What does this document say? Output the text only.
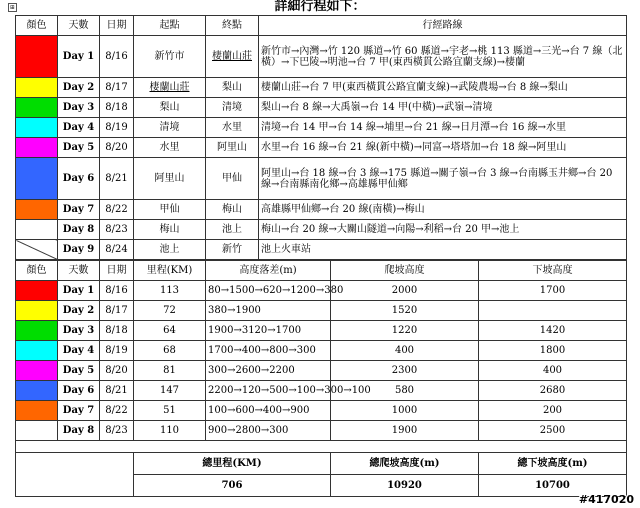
⊞	詳細行程如下：
顏色	天數	日期	起點	終點	行經路線

	Day 1	8/16	新竹市	棲蘭山莊	新竹市→內灣→竹 120 縣道→竹 60 縣道→宇老→桃 113 縣道→三光→台 7 線（北橫）→下巴陵→明池→台 7 甲(東西橫貫公路宜蘭支線)→棲蘭

	Day 2	8/17	棲蘭山莊	梨山	棲蘭山莊→台 7 甲(東西橫貫公路宜蘭支線)→武陵農場→台 8 線→梨山

	Day 3	8/18	梨山	清境	梨山→台 8 線→大禹嶺→台 14 甲(中橫)→武嶺→清境

	Day 4	8/19	清境	水里	清境→台 14 甲→台 14 線→埔里→台 21 線→日月潭→台 16 線→水里

	Day 5	8/20	水里	阿里山	水里→台 16 線→台 21 線(新中橫)→同富→塔塔加→台 18 線→阿里山

	Day 6	8/21	阿里山	甲仙	阿里山→台 18 線→台 3 線→175 縣道→關子嶺→台 3 線→台南縣玉井鄉→台 20 線→台南縣南化鄉→高雄縣甲仙鄉

	Day 7	8/22	甲仙	梅山	高雄縣甲仙鄉→台 20 線(南橫)→梅山

	Day 8	8/23	梅山	池上	梅山→台 20 線→大關山隧道→向陽→利稻→台 20 甲→池上
	Day 9	8/24	池上	新竹	池上火車站
顏色	天數	日期	里程(KM)	高度落差(m)	爬坡高度	下坡高度

	Day 1	8/16	113	80→1500→620→1200→380	2000	1700

	Day 2	8/17	72	380→1900	1520	

	Day 3	8/18	64	1900→3120→1700	1220	1420

	Day 4	8/19	68	1700→400→800→300	400	1800

	Day 5	8/20	81	300→2600→2200	2300	400

	Day 6	8/21	147	2200→120→500→100→300→100	580	2680

	Day 7	8/22	51	100→600→400→900	1000	200

	Day 8	8/23	110	900→2800→300	1900	2500

			總里程(KM)		總爬坡高度(m)	總下坡高度(m)
			706		10920	10700
#417020
